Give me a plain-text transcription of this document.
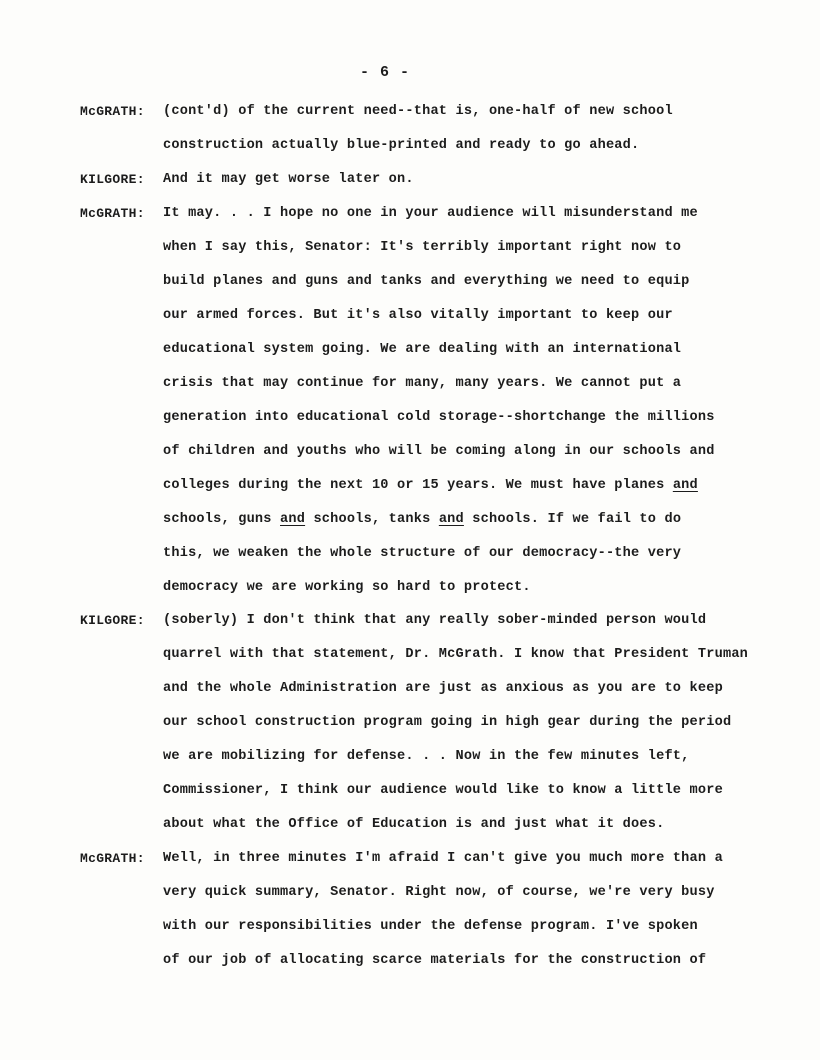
- 6 -
McGRATH: (cont'd) of the current need--that is, one-half of new school
construction actually blue-printed and ready to go ahead.
KILGORE: And it may get worse later on.
McGRATH: It may. . . I hope no one in your audience will misunderstand me
when I say this, Senator: It's terribly important right now to
build planes and guns and tanks and everything we need to equip
our armed forces. But it's also vitally important to keep our
educational system going. We are dealing with an international
crisis that may continue for many, many years. We cannot put a
generation into educational cold storage--shortchange the millions
of children and youths who will be coming along in our schools and
colleges during the next 10 or 15 years. We must have planes and
schools, guns and schools, tanks and schools. If we fail to do
this, we weaken the whole structure of our democracy--the very
democracy we are working so hard to protect.
KILGORE: (soberly) I don't think that any really sober-minded person would
quarrel with that statement, Dr. McGrath. I know that President Truman
and the whole Administration are just as anxious as you are to keep
our school construction program going in high gear during the period
we are mobilizing for defense. . . Now in the few minutes left,
Commissioner, I think our audience would like to know a little more
about what the Office of Education is and just what it does.
McGRATH: Well, in three minutes I'm afraid I can't give you much more than a
very quick summary, Senator. Right now, of course, we're very busy
with our responsibilities under the defense program. I've spoken
of our job of allocating scarce materials for the construction of
